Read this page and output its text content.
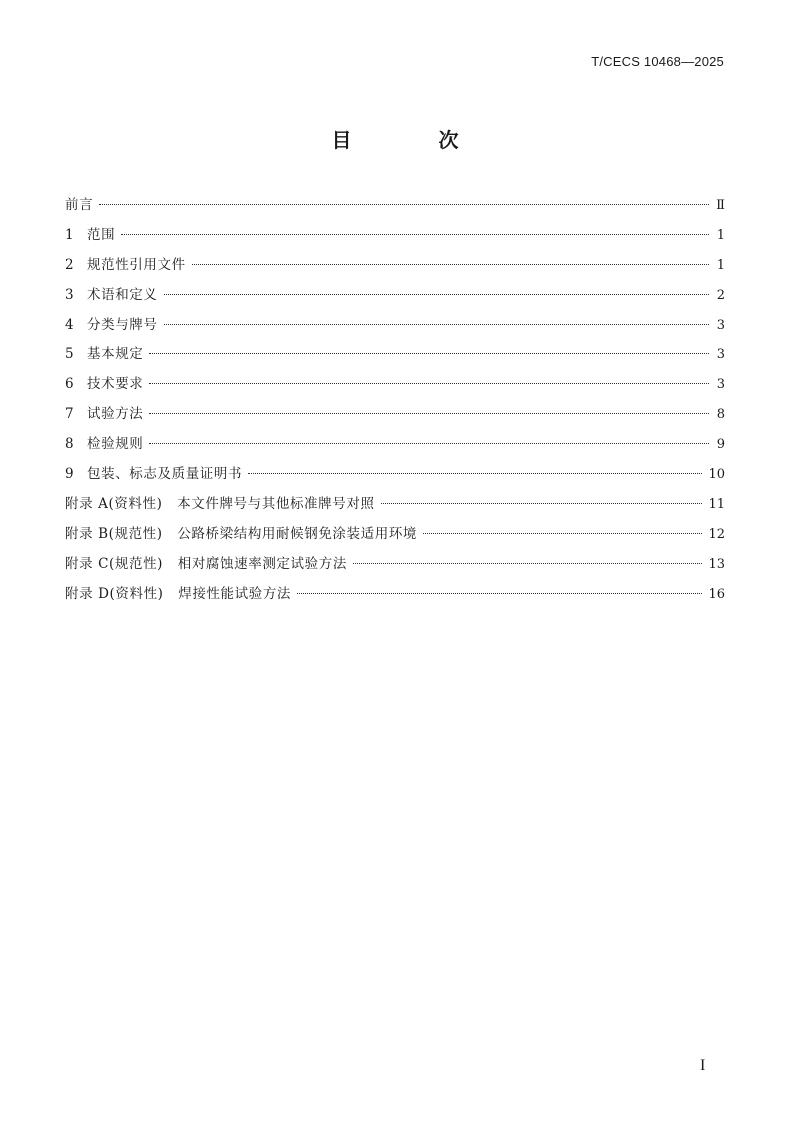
T/CECS 10468—2025
目 次
前言	Ⅱ
1 范围	1
2 规范性引用文件	1
3 术语和定义	2
4 分类与牌号	3
5 基本规定	3
6 技术要求	3
7 试验方法	8
8 检验规则	9
9 包装、标志及质量证明书	10
附录 A(资料性)   本文件牌号与其他标准牌号对照	11
附录 B(规范性)   公路桥梁结构用耐候钢免涂装适用环境	12
附录 C(规范性)   相对腐蚀速率测定试验方法	13
附录 D(资料性)   焊接性能试验方法	16
I
